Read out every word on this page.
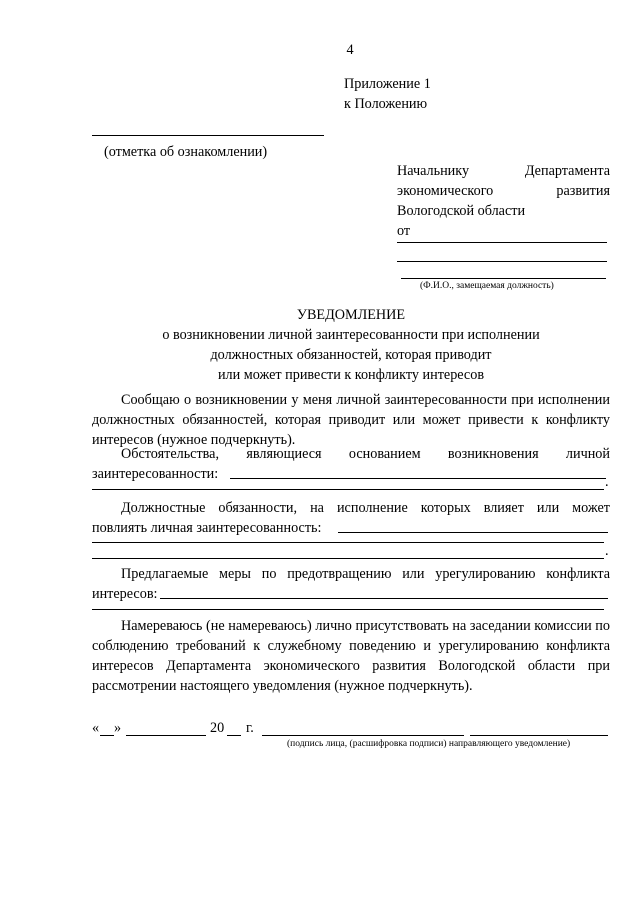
4
Приложение 1
к Положению
(отметка об ознакомлении)
Начальнику Департамента
экономического развития
Вологодской области
от
(Ф.И.О., замещаемая должность)
УВЕДОМЛЕНИЕ
о возникновении личной заинтересованности при исполнении
должностных обязанностей, которая приводит
или может привести к конфликту интересов
Сообщаю о возникновении у меня личной заинтересованности при исполнении должностных обязанностей, которая приводит или может привести к конфликту интересов (нужное подчеркнуть).
Обстоятельства, являющиеся основанием возникновения личной
заинтересованности:	.
Должностные обязанности, на исполнение которых влияет или может
повлиять личная заинтересованность:
.
Предлагаемые меры по предотвращению или урегулированию конфликта
интересов:
Намереваюсь (не намереваюсь) лично присутствовать на заседании комиссии по соблюдению требований к служебному поведению и урегулированию конфликта интересов Департамента экономического развития Вологодской области при рассмотрении настоящего уведомления (нужное подчеркнуть).
« »	20 г.
(подпись лица, (расшифровка подписи) направляющего уведомление)
